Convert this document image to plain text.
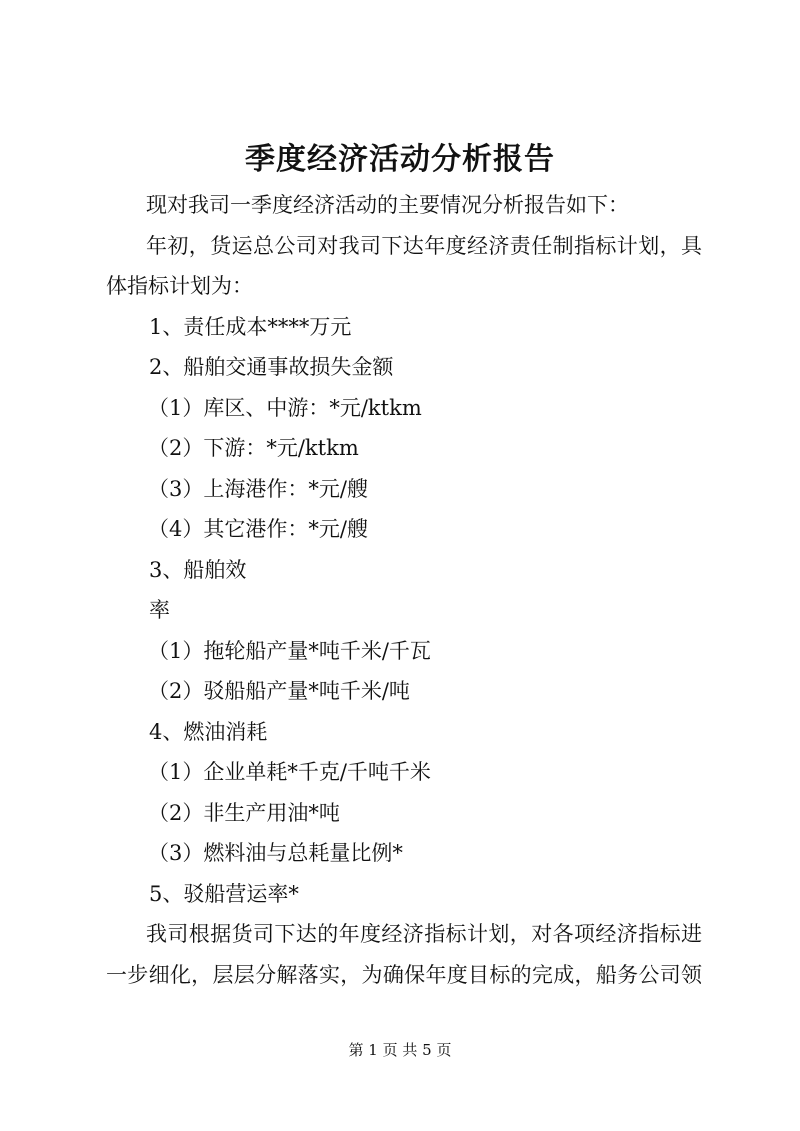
季度经济活动分析报告

现对我司一季度经济活动的主要情况分析报告如下：

年初，货运总公司对我司下达年度经济责任制指标计划，具

体指标计划为：

1、责任成本****万元

2、船舶交通事故损失金额

（1）库区、中游：*元/ktkm

（2）下游：*元/ktkm

（3）上海港作：*元/艘

（4）其它港作：*元/艘

3、船舶效

率

（1）拖轮船产量*吨千米/千瓦

（2）驳船船产量*吨千米/吨

4、燃油消耗

（1）企业单耗*千克/千吨千米

（2）非生产用油*吨

（3）燃料油与总耗量比例*

5、驳船营运率*

我司根据货司下达的年度经济指标计划，对各项经济指标进

一步细化，层层分解落实，为确保年度目标的完成，船务公司领

第 1 页 共 5 页
